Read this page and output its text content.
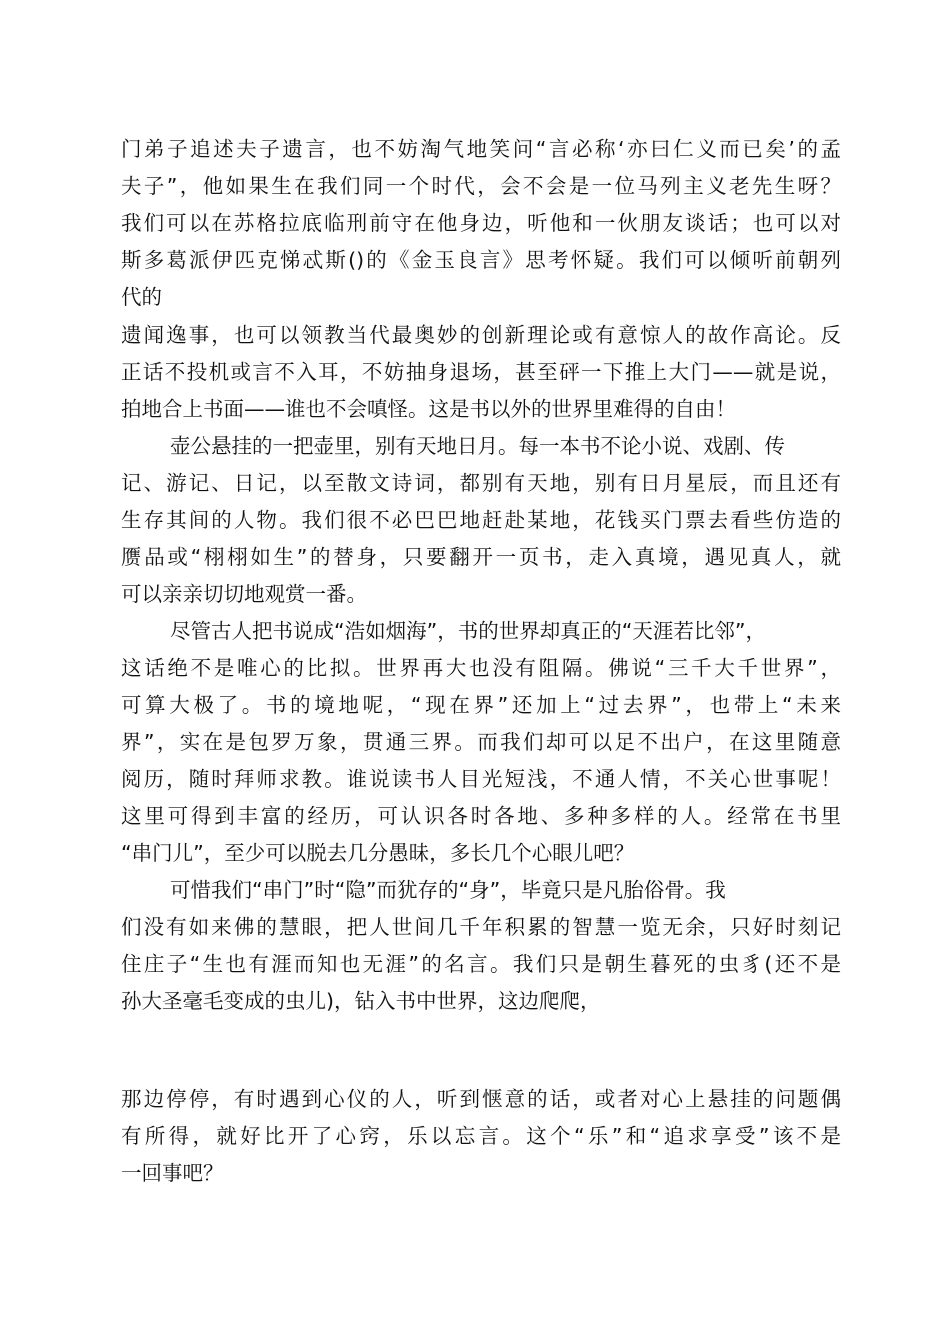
门弟子追述夫子遗言，也不妨淘气地笑问“言必称‘亦曰仁义而已矣’的孟
夫子”，他如果生在我们同一个时代，会不会是一位马列主义老先生呀？
我们可以在苏格拉底临刑前守在他身边，听他和一伙朋友谈话；也可以对
斯多葛派伊匹克悌忒斯()的《金玉良言》思考怀疑。我们可以倾听前朝列
代的
遗闻逸事，也可以领教当代最奥妙的创新理论或有意惊人的故作高论。反
正话不投机或言不入耳，不妨抽身退场，甚至砰一下推上大门——就是说，
拍地合上书面——谁也不会嗔怪。这是书以外的世界里难得的自由！
壶公悬挂的一把壶里，别有天地日月。每一本书不论小说、戏剧、传
记、游记、日记，以至散文诗词，都别有天地，别有日月星辰，而且还有
生存其间的人物。我们很不必巴巴地赶赴某地，花钱买门票去看些仿造的
赝品或“栩栩如生”的替身，只要翻开一页书，走入真境，遇见真人，就
可以亲亲切切地观赏一番。
尽管古人把书说成“浩如烟海”，书的世界却真正的“天涯若比邻”，
这话绝不是唯心的比拟。世界再大也没有阻隔。佛说“三千大千世界”，
可算大极了。书的境地呢，“现在界”还加上“过去界”，也带上“未来
界”，实在是包罗万象，贯通三界。而我们却可以足不出户，在这里随意
阅历，随时拜师求教。谁说读书人目光短浅，不通人情，不关心世事呢！
这里可得到丰富的经历，可认识各时各地、多种多样的人。经常在书里
“串门儿”，至少可以脱去几分愚昧，多长几个心眼儿吧？
可惜我们“串门”时“隐”而犹存的“身”，毕竟只是凡胎俗骨。我
们没有如来佛的慧眼，把人世间几千年积累的智慧一览无余，只好时刻记
住庄子“生也有涯而知也无涯”的名言。我们只是朝生暮死的虫豸(还不是
孙大圣毫毛变成的虫儿)，钻入书中世界，这边爬爬，
那边停停，有时遇到心仪的人，听到惬意的话，或者对心上悬挂的问题偶
有所得，就好比开了心窍，乐以忘言。这个“乐”和“追求享受”该不是
一回事吧？
